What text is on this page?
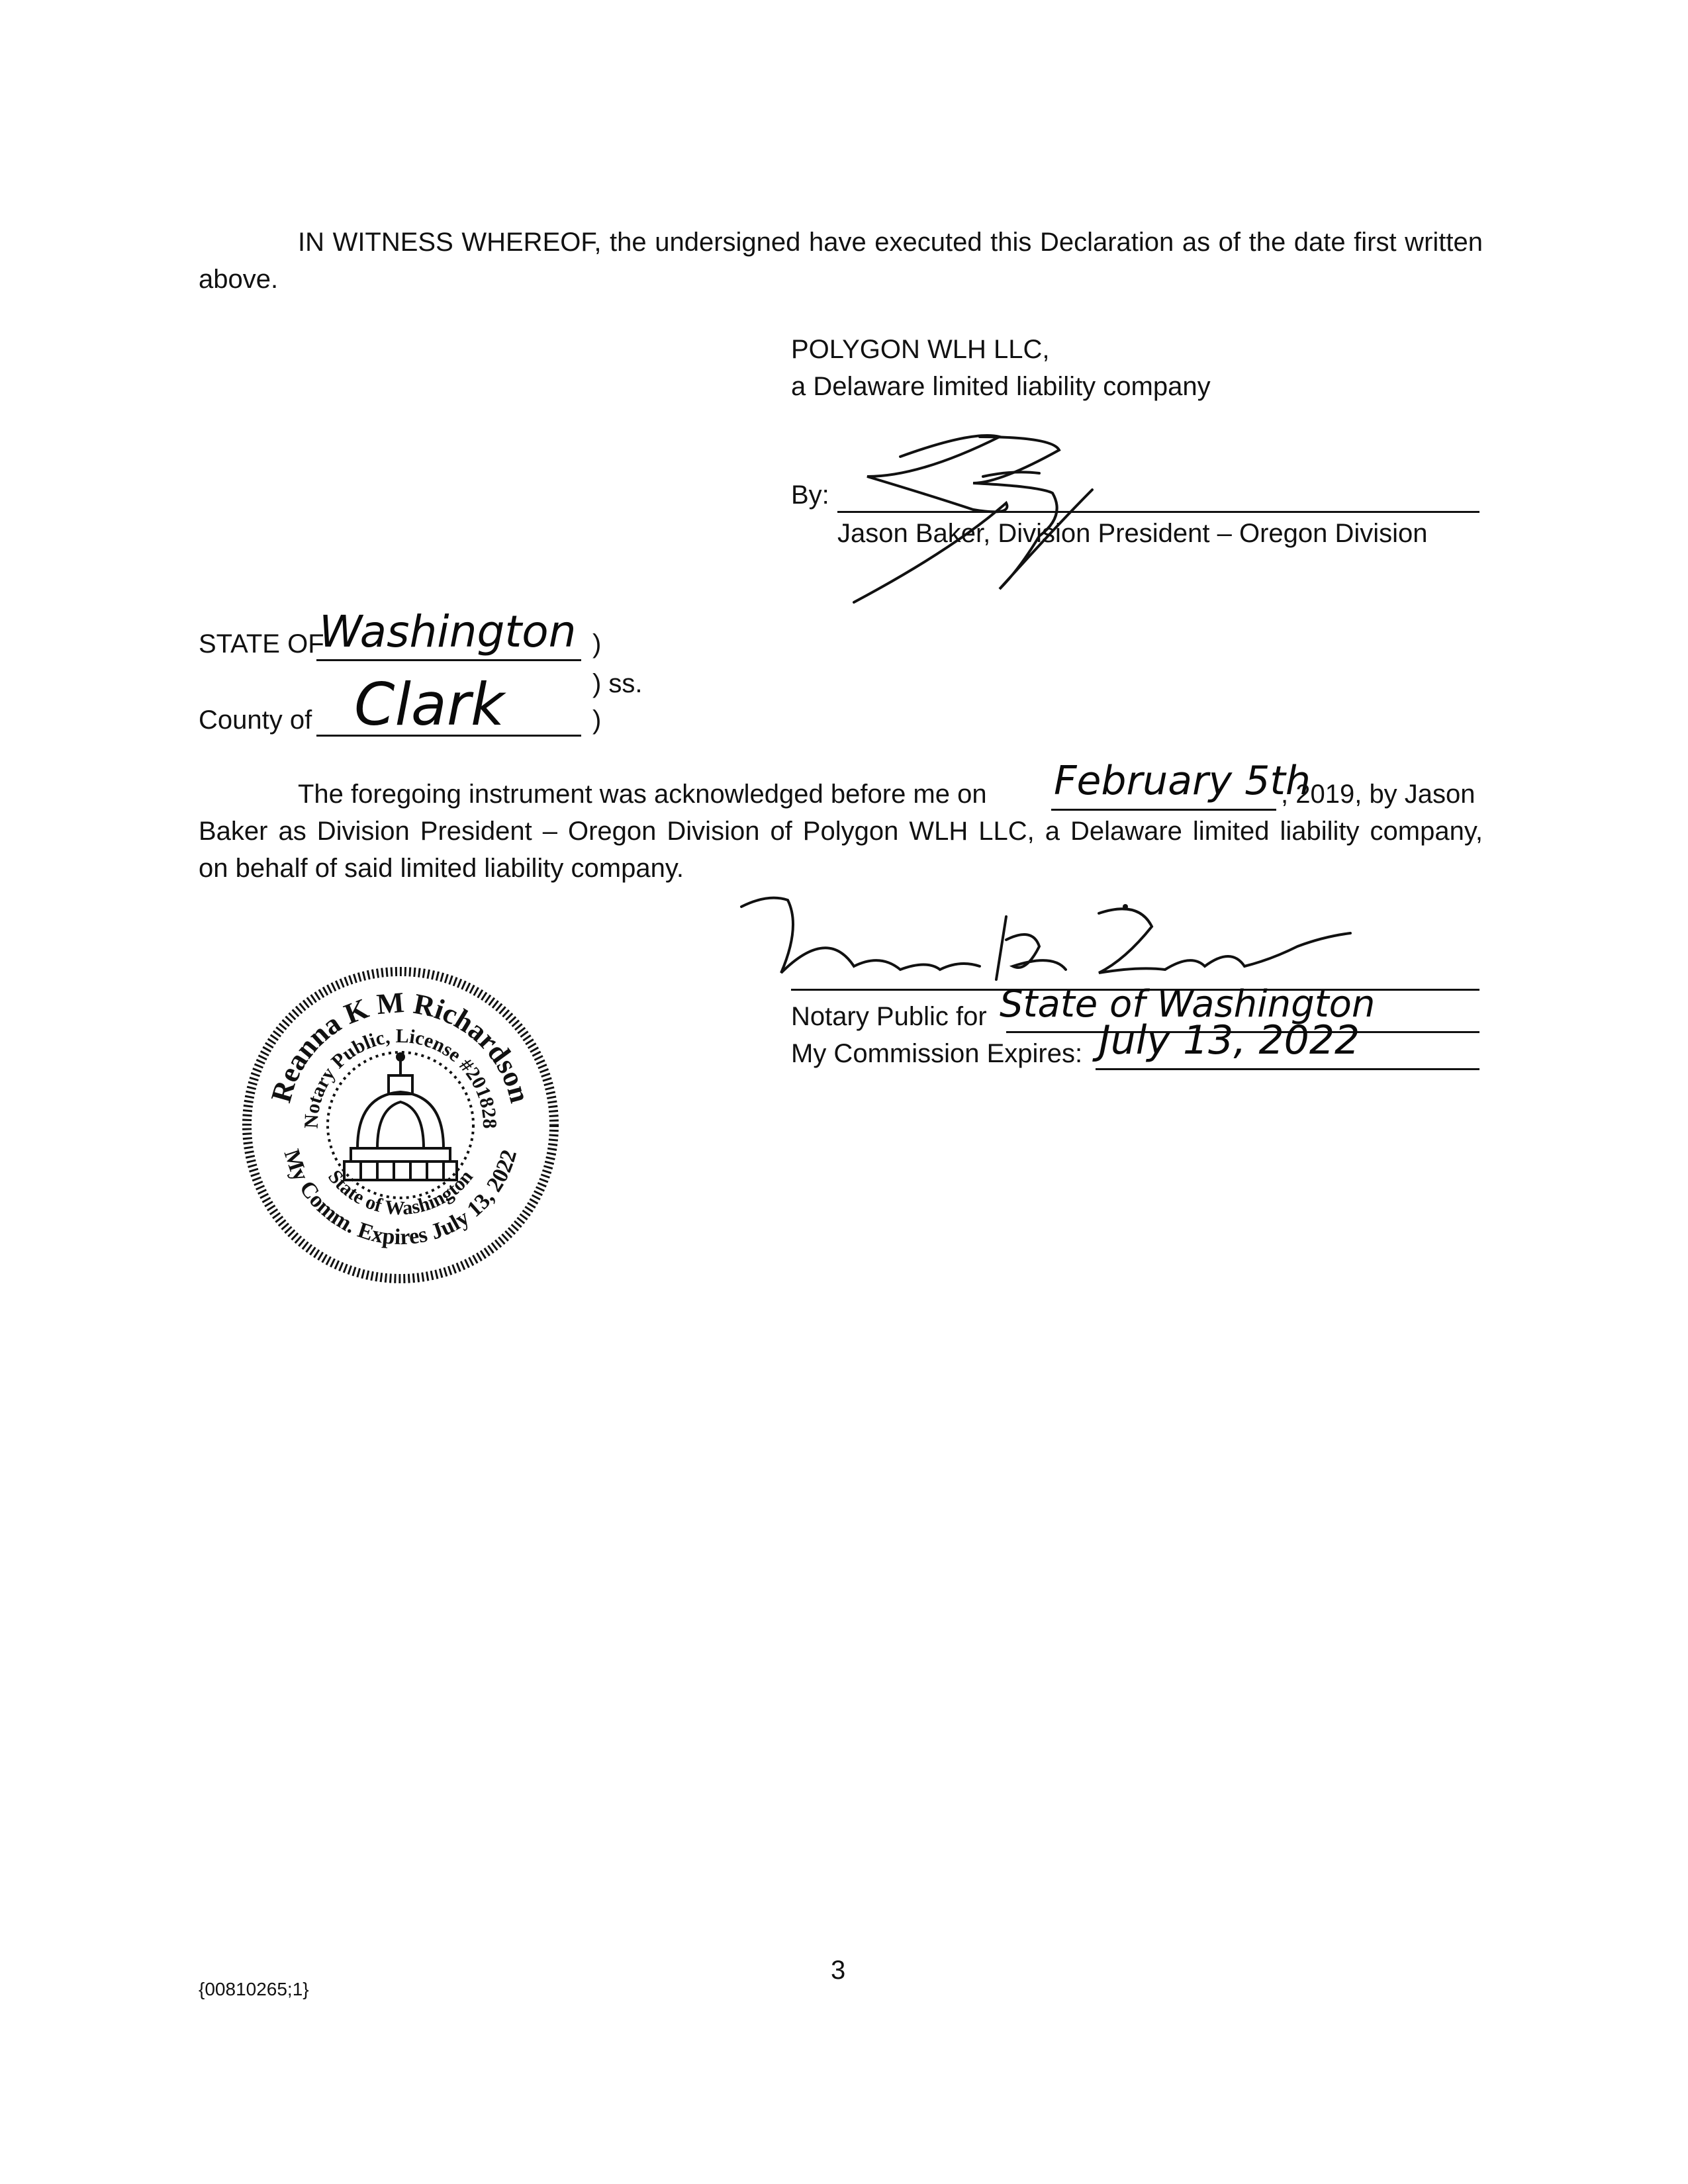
IN WITNESS WHEREOF, the undersigned have executed this Declaration as of the date first written above.
POLYGON WLH LLC,
a Delaware limited liability company
By:
Jason Baker, Division President – Oregon Division
STATE OF
Washington )
) ss.
County of Clark	)
The foregoing instrument was acknowledged before me on February 5th
, 2019, by Jason
Baker as Division President – Oregon Division of Polygon WLH LLC, a Delaware limited liability company,
on behalf of said limited liability company.
Notary Public for State of Washington
My Commission Expires: July 13, 2022
Reanna K M Richardson
Notary Public, License #201828
My Comm. Expires July 13, 2022
State of Washington
{00810265;1}
3
